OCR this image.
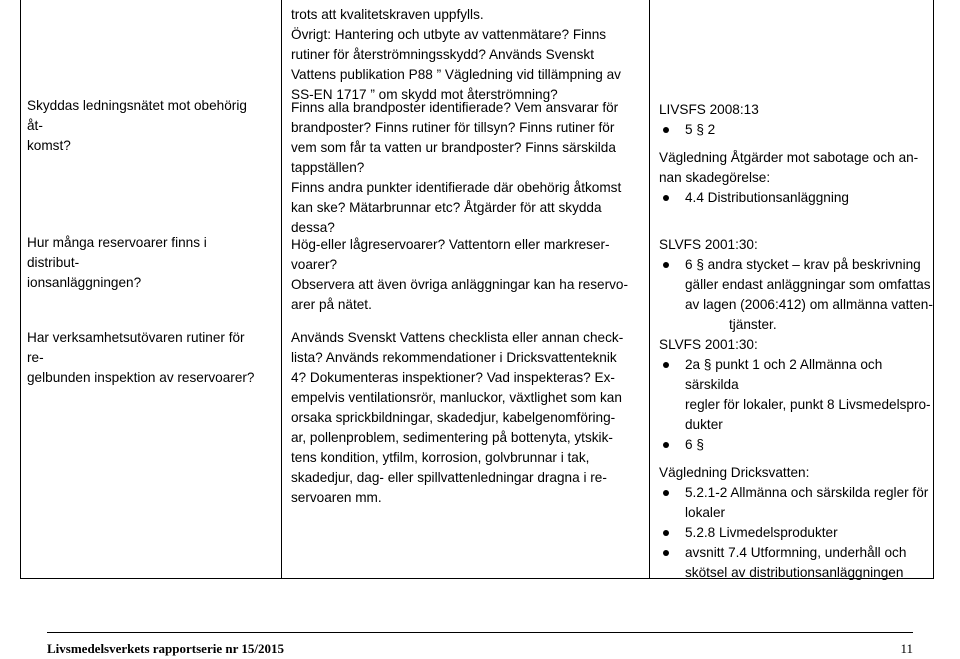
Skyddas ledningsnätet mot obehörig åt-

komst?

Hur många reservoarer finns i distribut-

ionsanläggningen?

Har verksamhetsutövaren rutiner för re-

gelbunden inspektion av reservoarer?

trots att kvalitetskraven uppfylls.

Övrigt: Hantering och utbyte av vattenmätare? Finns

rutiner för återströmningsskydd? Används Svenskt

Vattens publikation P88 ” Vägledning vid tillämpning av

SS-EN 1717 ” om skydd mot återströmning?

Finns alla brandposter identifierade? Vem ansvarar för

brandposter? Finns rutiner för tillsyn? Finns rutiner för

vem som får ta vatten ur brandposter? Finns särskilda

tappställen?

Finns andra punkter identifierade där obehörig åtkomst

kan ske? Mätarbrunnar etc? Åtgärder för att skydda

dessa?

Hög-eller lågreservoarer? Vattentorn eller markreser-

voarer?

Observera att även övriga anläggningar kan ha reservo-

arer på nätet.

Används Svenskt Vattens checklista eller annan check-

lista? Används rekommendationer i Dricksvattenteknik

4? Dokumenteras inspektioner? Vad inspekteras? Ex-

empelvis ventilationsrör, manluckor, växtlighet som kan

orsaka sprickbildningar, skadedjur, kabelgenomföring-

ar, pollenproblem, sedimentering på bottenyta, ytskik-

tens kondition, ytfilm, korrosion, golvbrunnar i tak,

skadedjur, dag- eller spillvattenledningar dragna i re-

servoaren mm.

LIVSFS 2008:13

5 § 2

Vägledning Åtgärder mot sabotage och an-

nan skadegörelse:

4.4 Distributionsanläggning

SLVFS 2001:30:

6 § andra stycket – krav på beskrivning

gäller endast anläggningar som omfattas

av lagen (2006:412) om allmänna vatten-

tjänster.

SLVFS 2001:30:

2a § punkt 1 och 2 Allmänna och särskilda

regler för lokaler, punkt 8 Livsmedelspro-

dukter

6 §

Vägledning Dricksvatten:

5.2.1-2 Allmänna och särskilda regler för

lokaler

5.2.8 Livmedelsprodukter

avsnitt 7.4 Utformning, underhåll och

skötsel av distributionsanläggningen

Livsmedelsverkets rapportserie nr 15/2015	11
